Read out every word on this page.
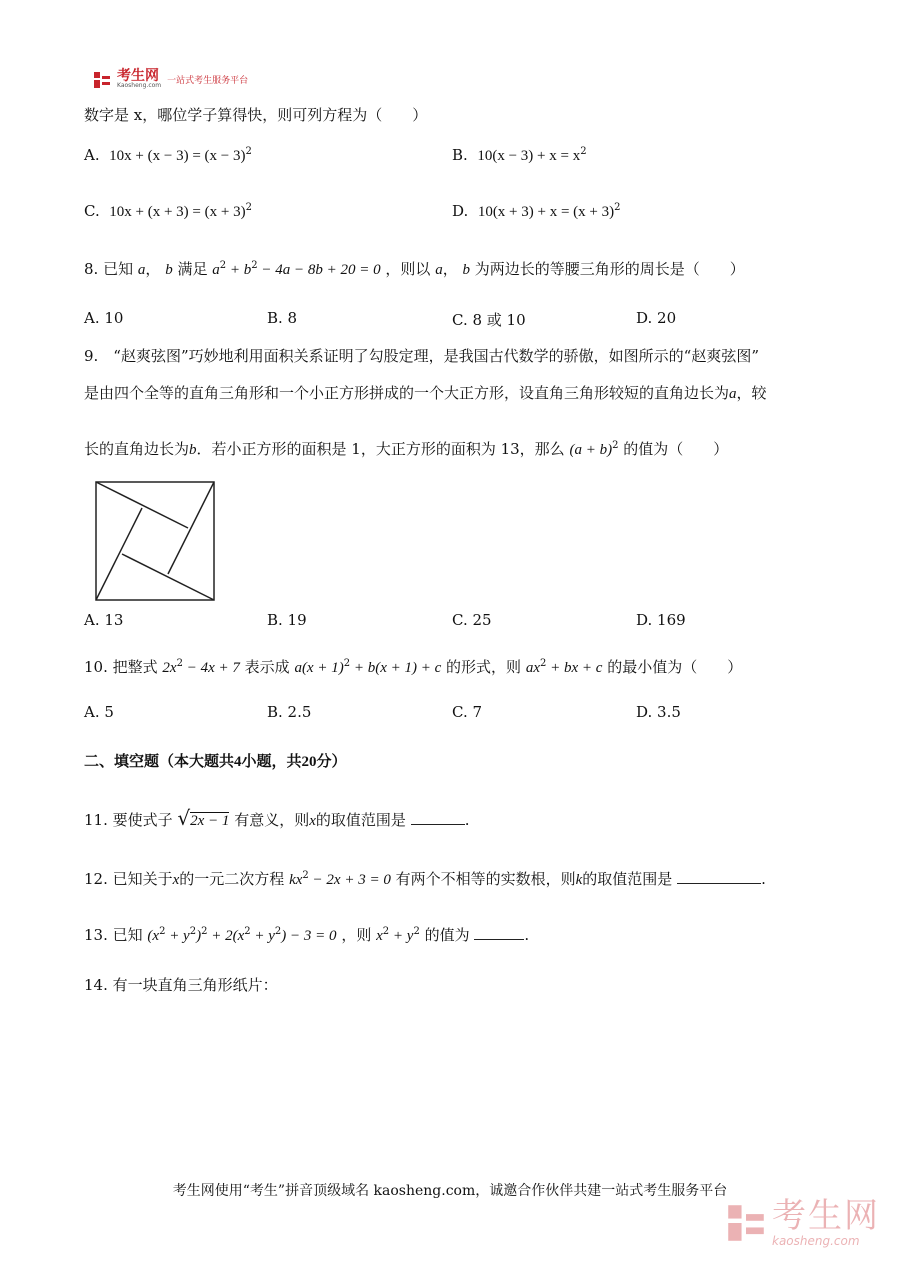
考生网
Kaosheng.com 一站式考生服务平台
数字是 x，哪位学子算得快，则可列方程为（　　）
A. $10x + (x - 3) = (x - 3)^2$	B. $10(x - 3) + x = x^2$
C. $10x + (x + 3) = (x + 3)^2$	D. $10(x + 3) + x = (x + 3)^2$
8. 已知 a， b 满足 $a^2 + b^2 - 4a - 8b + 20 = 0$ ，则以 a， b 为两边长的等腰三角形的周长是（　　）
A. 10	B. 8	C. 8 或 10	D. 20
9.　“赵爽弦图”巧妙地利用面积关系证明了勾股定理，是我国古代数学的骄傲，如图所示的“赵爽弦图”
是由四个全等的直角三角形和一个小正方形拼成的一个大正方形，设直角三角形较短的直角边长为a，较
长的直角边长为b．若小正方形的面积是 1，大正方形的面积为 13，那么 $(a + b)^2$ 的值为（　　）
A. 13	B. 19	C. 25	D. 169
10. 把整式 $2x^2 - 4x + 7$ 表示成 $a(x + 1)^2 + b(x + 1) + c$ 的形式，则 $ax^2$ + bx + c 的最小值为（　　）
A. 5	B. 2.5	C. 7	D. 3.5
二、填空题（本大题共4小题，共20分）
11. 要使式子 √2x − 1 有意义，则x的取值范围是	.
12. 已知关于x的一元二次方程 $kx^2 - 2x + 3 = 0$ 有两个不相等的实数根，则k的取值范围是	.
13. 已知 $(x^2 + y^2)^2 + 2(x^2 + y^2) - 3 = 0$ ，则 $x^2 + y^2$ 的值为	.
14. 有一块直角三角形纸片：
考生网使用“考生”拼音顶级域名 kaosheng.com，诚邀合作伙伴共建一站式考生服务平台
考生网
kaosheng.com
